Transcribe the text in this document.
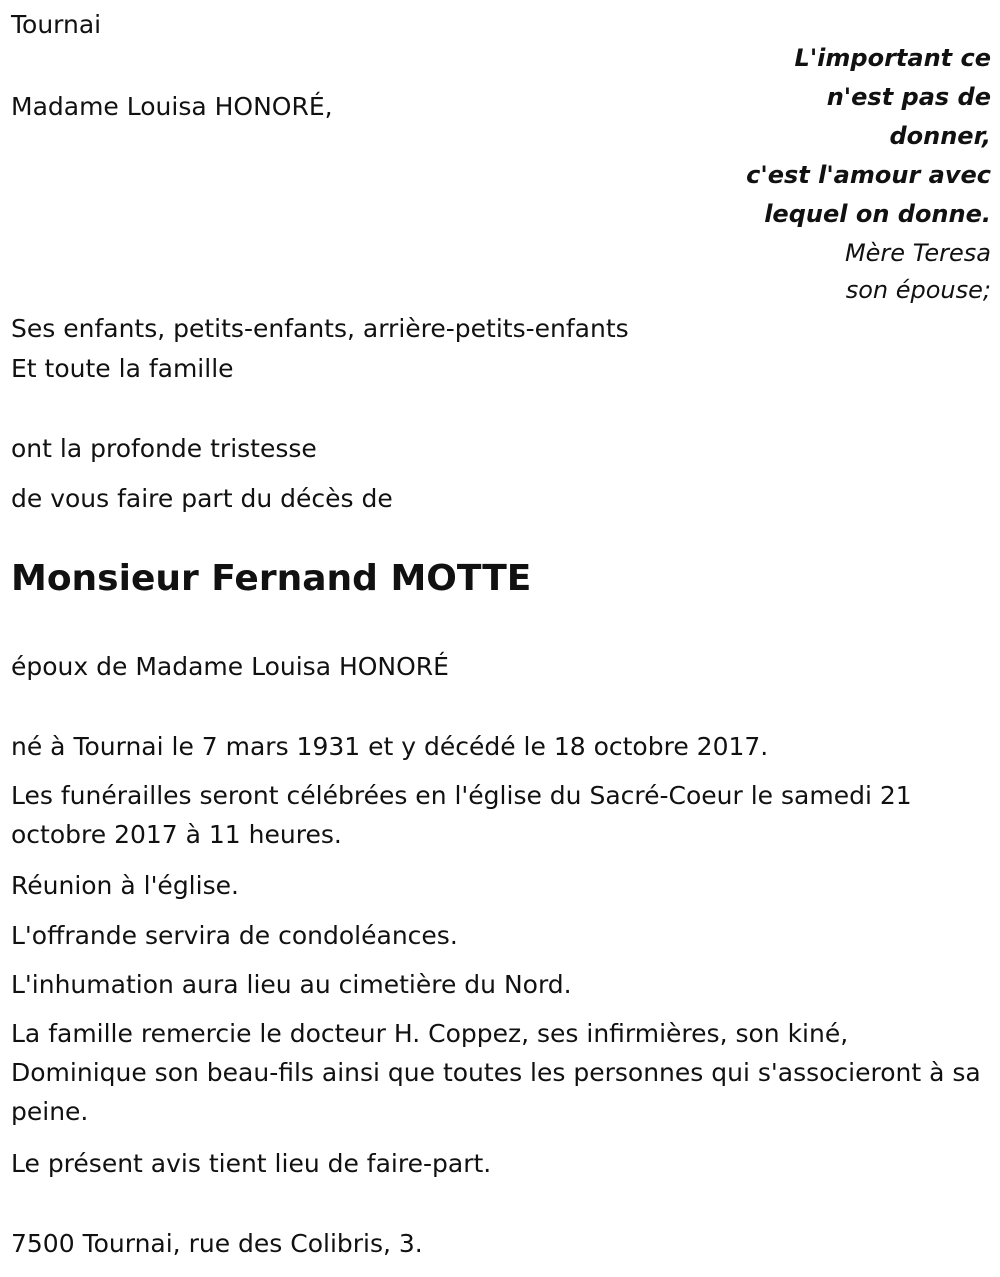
Tournai
Madame Louisa HONORÉ,
L'important ce
n'est pas de
donner,
c'est l'amour avec
lequel on donne.
Mère Teresa
son épouse;
Ses enfants, petits-enfants, arrière-petits-enfants
Et toute la famille
ont la profonde tristesse
de vous faire part du décès de
Monsieur Fernand MOTTE
époux de Madame Louisa HONORÉ
né à Tournai le 7 mars 1931 et y décédé le 18 octobre 2017.
Les funérailles seront célébrées en l'église du Sacré-Coeur le samedi 21 octobre 2017 à 11 heures.
Réunion à l'église.
L'offrande servira de condoléances.
L'inhumation aura lieu au cimetière du Nord.
La famille remercie le docteur H. Coppez, ses infirmières, son kiné, Dominique son beau-fils ainsi que toutes les personnes qui s'associeront à sa peine.
Le présent avis tient lieu de faire-part.
7500 Tournai, rue des Colibris, 3.
